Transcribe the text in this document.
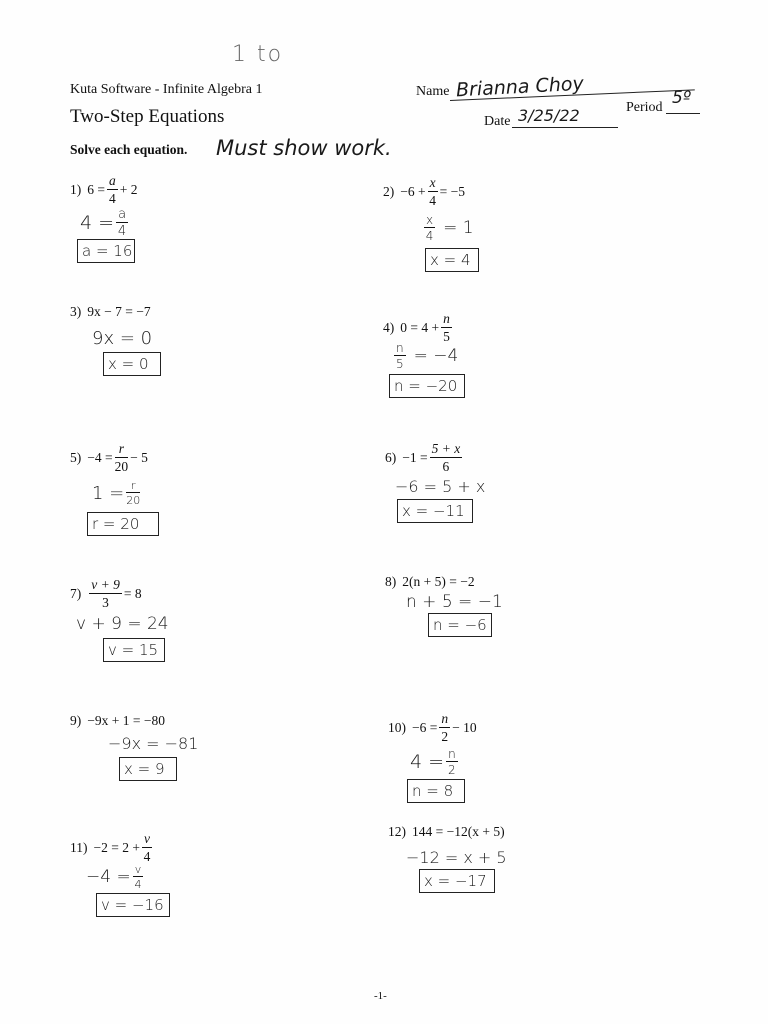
1 to
Kuta Software - Infinite Algebra 1	Name Brianna Choy
Two-Step Equations	Date 3/25/22	Period 5º
Solve each equation. Must show work.
1) $6 = \frac{a}{4} + 2$
$4 = \frac{a}{4}$
a = 16
$2) -6 + \frac{x}{4} = -5$
$\frac{x}{4} = 1$
x = 4
3) 9x − 7 = −7
9x = 0
x = 0
4) $0 = 4 + \frac{n}{5}$
$\frac{n}{5} = -4$
n = −20
$5) -4 = \frac{r}{20} - 5$
$1 = \frac{r}{20}$
r = 20
$6) -1 = \frac{5 + x}{6}$
−6 = 5 + x
x = −11
$7) \frac{v + 9}{3} = 8$
v + 9 = 24
v = 15
8) 2(n + 5) = −2
n + 5 = −1
n = −6
9) −9x + 1 = −80
−9x = −81
x = 9
$10) -6 = \frac{n}{2} - 10$
$4 = \frac{n}{2}$
n = 8
$11) -2 = 2 + \frac{v}{4}$
$-4 = \frac{v}{4}$
v = −16
12) 144 = −12(x + 5)
−12 = x + 5
x = −17
-1-
